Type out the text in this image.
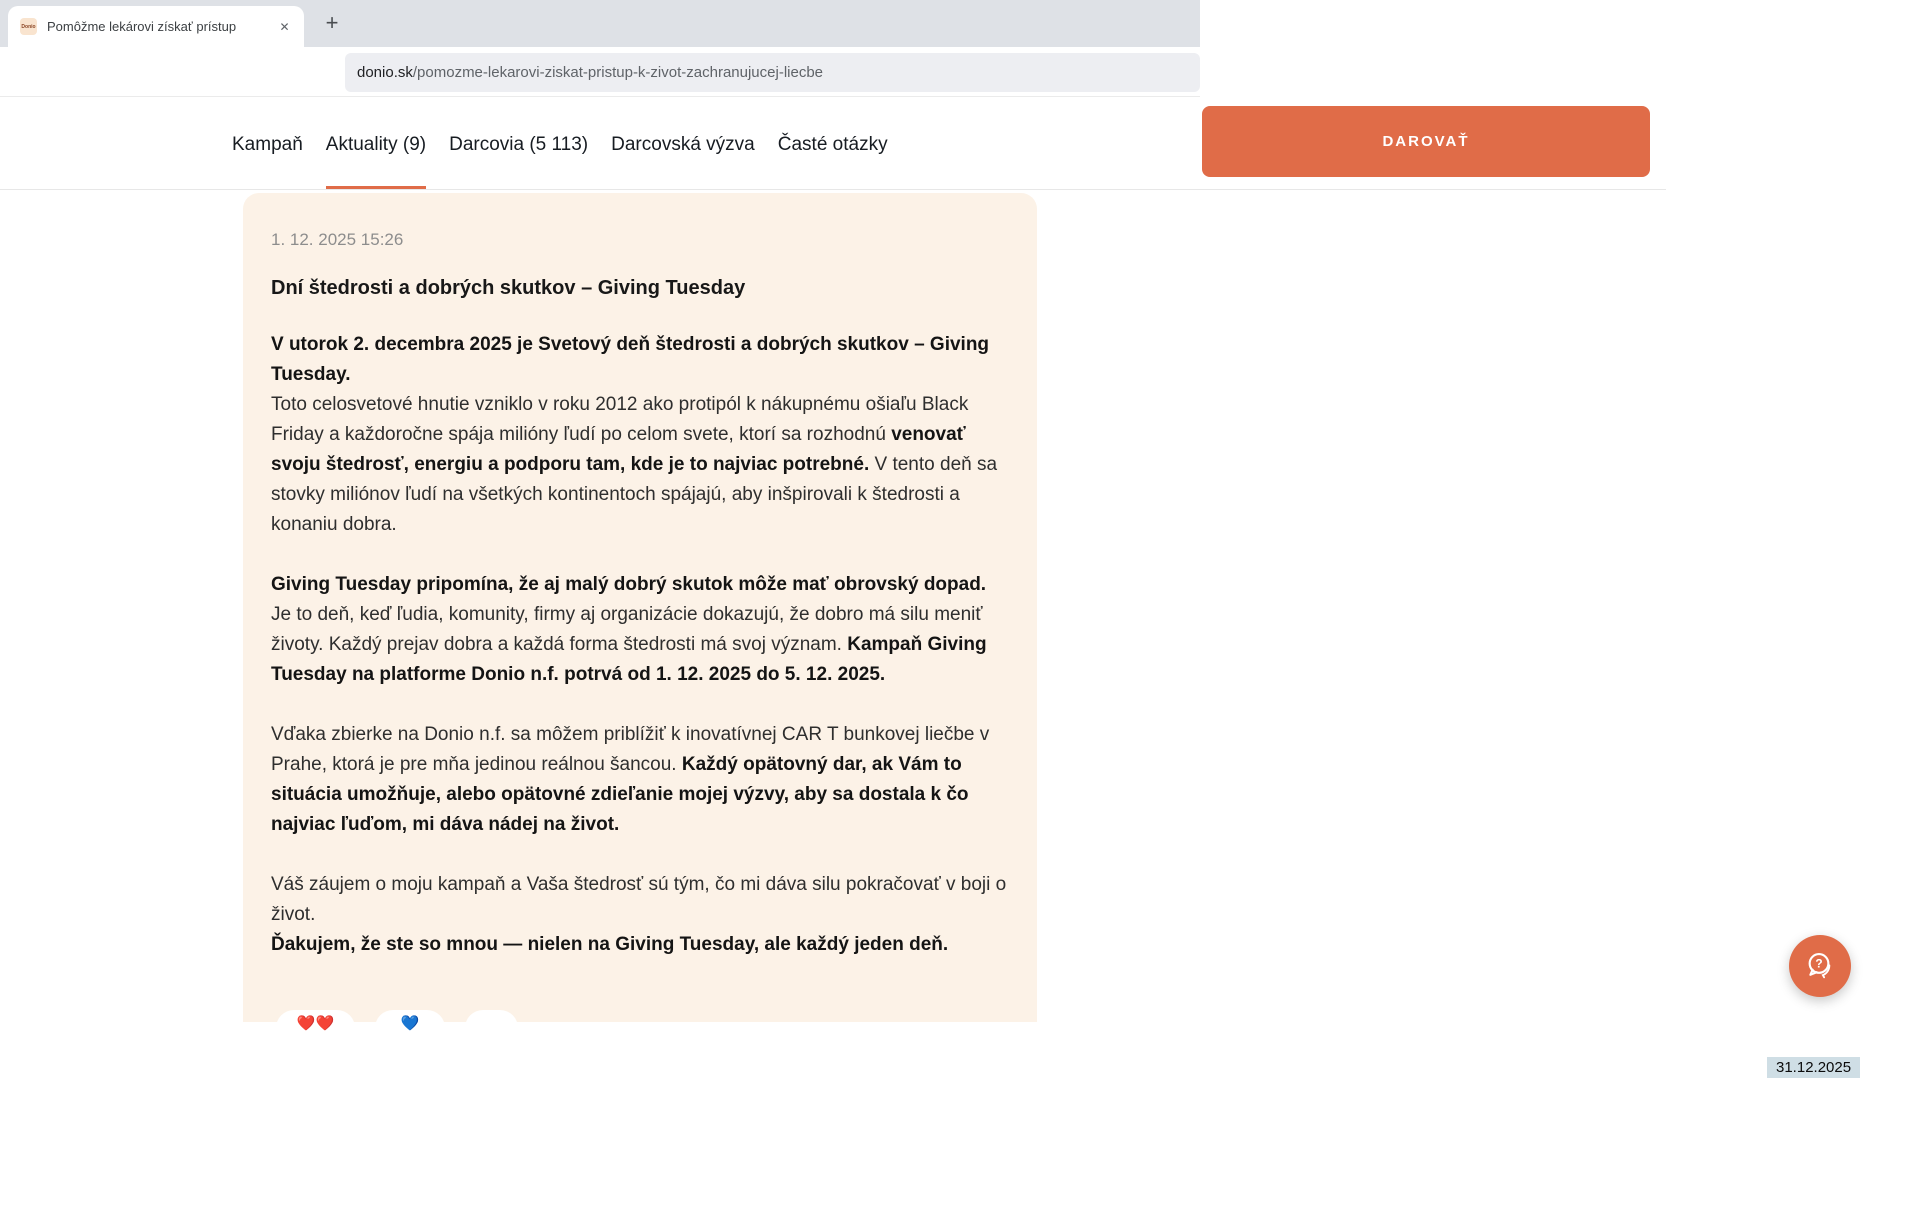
Donio Pomôžme lekárovi získať prístup	✕	+
donio.sk /pomozme-lekarovi-ziskat-pristup-k-zivot-zachranujucej-liecbe
Kampaň Aktuality (9) Darcovia (5 113) Darcovská výzva Časté otázky	DAROVAŤ
1. 12. 2025 15:26
Dní štedrosti a dobrých skutkov – Giving Tuesday

V utorok 2. decembra 2025 je Svetový deň štedrosti a dobrých skutkov – Giving Tuesday.
Toto celosvetové hnutie vzniklo v roku 2012 ako protipól k nákupnému ošiaľu Black Friday a každoročne spája milióny ľudí po celom svete, ktorí sa rozhodnú venovať svoju štedrosť, energiu a podporu tam, kde je to najviac potrebné. V tento deň sa stovky miliónov ľudí na všetkých kontinentoch spájajú, aby inšpirovali k štedrosti a konaniu dobra.

Giving Tuesday pripomína, že aj malý dobrý skutok môže mať obrovský dopad. Je to deň, keď ľudia, komunity, firmy aj organizácie dokazujú, že dobro má silu meniť životy. Každý prejav dobra a každá forma štedrosti má svoj význam. Kampaň Giving Tuesday na platforme Donio n.f. potrvá od 1. 12. 2025 do 5. 12. 2025.

Vďaka zbierke na Donio n.f. sa môžem priblížiť k inovatívnej CAR T bunkovej liečbe v Prahe, ktorá je pre mňa jedinou reálnou šancou. Každý opätovný dar, ak Vám to situácia umožňuje, alebo opätovné zdieľanie mojej výzvy, aby sa dostala k čo najviac ľuďom, mi dáva nádej na život.

Váš záujem o moju kampaň a Vaša štedrosť sú tým, čo mi dáva silu pokračovať v boji o život.
Ďakujem, že ste so mnou — nielen na Giving Tuesday, ale každý jeden deň.

❤️❤️	💙
?
31.12.2025
